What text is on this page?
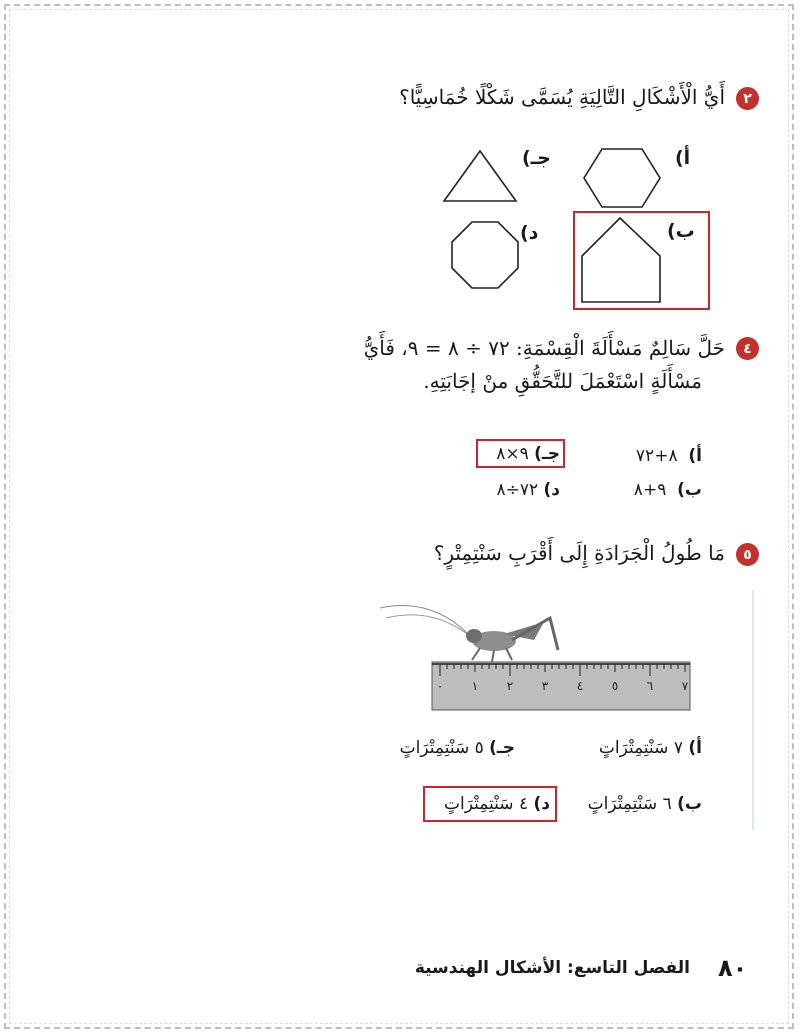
٢
أَيُّ الْأَشْكَالِ التَّالِيَةِ يُسَمَّى شَكْلًا خُمَاسِيًّا؟
أ)
جـ)
ب)
د)
٤
حَلَّ سَالِمٌ مَسْأَلَةَ الْقِسْمَةِ: ٧٢ ÷ ٨ = ٩، فَأَيُّ
مَسْأَلَةٍ اسْتَعْمَلَ للتَّحَقُّقِ منْ إجَابَتِهِ.
أ)  ٨+٧٢
جـ) ٩×٨
ب)  ٩+٨
د) ٧٢÷٨
٥
مَا طُولُ الْجَرَادَةِ إِلَى أَقْرَبِ سَنْتِمِتْرٍ؟
٠ ١ ٢ ٣ ٤ ٥ ٦ ٧
أ) ٧ سَنْتِمِتْرَاتٍ
جـ) ٥ سَنْتِمِتْرَاتٍ
ب) ٦ سَنْتِمِتْرَاتٍ
د) ٤ سَنْتِمِتْرَاتٍ
٨٠
الفصل التاسع: الأشكال الهندسية
